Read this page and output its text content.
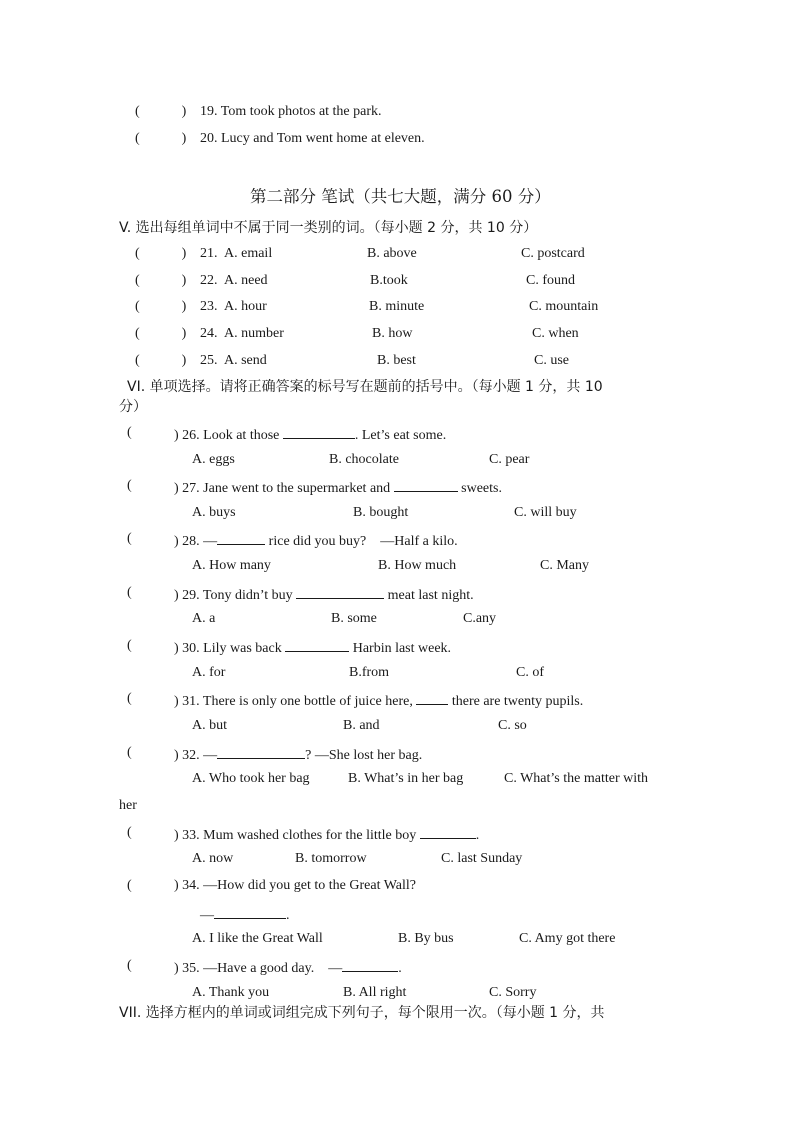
(　　　) 19. Tom took photos at the park.
(　　　) 20. Lucy and Tom went home at eleven.
第二部分 笔试（共七大题，满分 60 分）
V. 选出每组单词中不属于同一类别的词。（每小题 2 分，共 10 分）
(　　　) 21. A. email	B. above	C. postcard
(　　　) 22. A. need	B.took	C. found
(　　　) 23. A. hour	B. minute	C. mountain
(　　　) 24. A. number	B. how	C. when
(　　　) 25. A. send	B. best	C. use
VI. 单项选择。请将正确答案的标号写在题前的括号中。（每小题 1 分，共 10
分）
(	) 26. Look at those	. Let’s eat some.
A. eggs	B. chocolate	C. pear
(	) 27. Jane went to the supermarket and	sweets.
A. buys	B. bought	C. will buy
(	) 28. —	rice did you buy?　—Half a kilo.
A. How many	B. How much	C. Many
(	) 29. Tony didn’t buy	meat last night.
A. a	B. some	C.any
(	) 30. Lily was back	Harbin last week.
A. for	B.from	C. of
(	) 31. There is only one bottle of juice here,	there are twenty pupils.
A. but	B. and	C. so
(	) 32. —	? —She lost her bag.
A. Who took her bag	B. What’s in her bag	C. What’s the matter with
her
(	) 33. Mum washed clothes for the little boy	.
A. now	B. tomorrow	C. last Sunday
(	) 34. —How did you get to the Great Wall?
—	.
A. I like the Great Wall	B. By bus	C. Amy got there
(	) 35. —Have a good day.　—	.
A. Thank you	B. All right	C. Sorry
VII. 选择方框内的单词或词组完成下列句子，每个限用一次。（每小题 1 分，共
